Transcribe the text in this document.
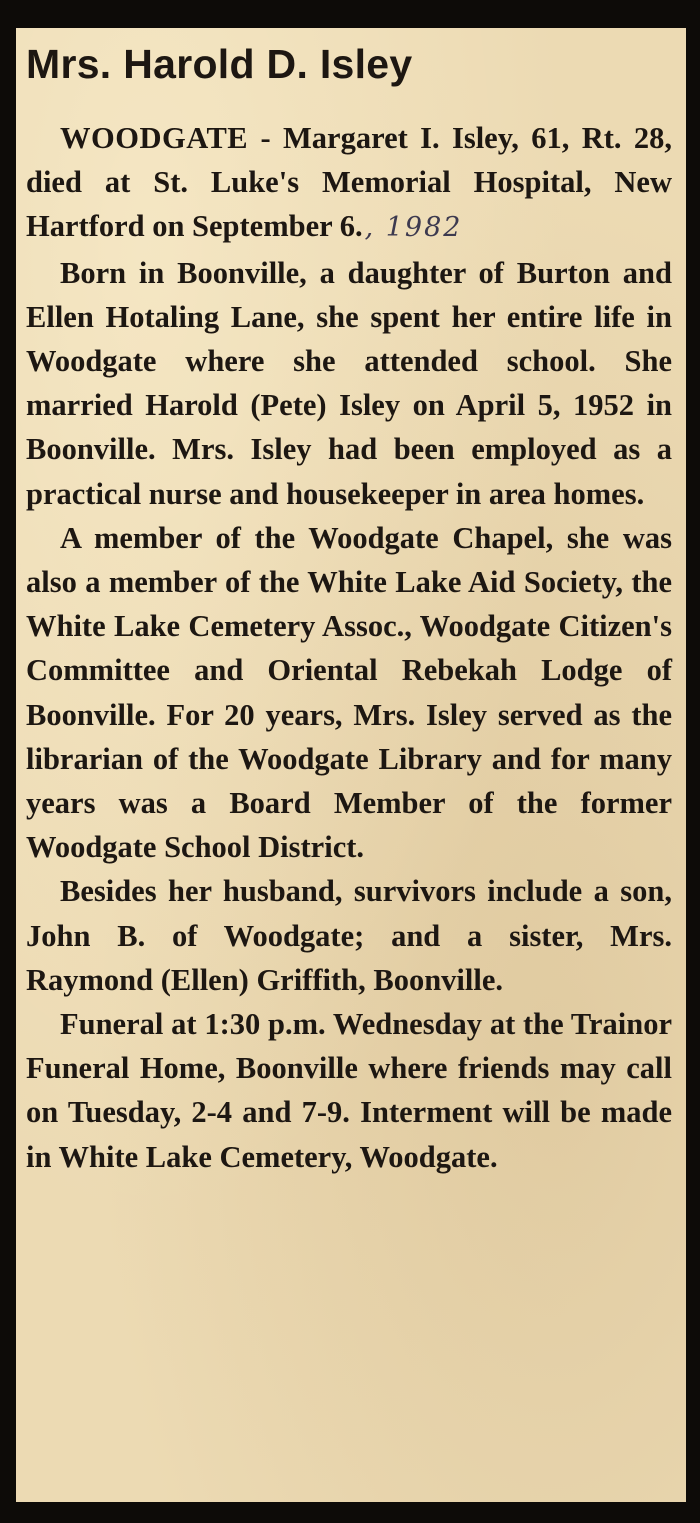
Mrs. Harold D. Isley

WOODGATE - Margaret I. Isley, 61, Rt. 28, died at St. Luke's Memorial Hospital, New Hartford on September 6., 1982

Born in Boonville, a daughter of Burton and Ellen Hotaling Lane, she spent her entire life in Woodgate where she attended school. She married Harold (Pete) Isley on April 5, 1952 in Boonville. Mrs. Isley had been employed as a practical nurse and housekeeper in area homes.

A member of the Woodgate Chapel, she was also a member of the White Lake Aid Society, the White Lake Cemetery Assoc., Woodgate Citizen's Committee and Oriental Rebekah Lodge of Boonville. For 20 years, Mrs. Isley served as the librarian of the Woodgate Library and for many years was a Board Member of the former Woodgate School District.

Besides her husband, survivors include a son, John B. of Woodgate; and a sister, Mrs. Raymond (Ellen) Griffith, Boonville.

Funeral at 1:30 p.m. Wednesday at the Trainor Funeral Home, Boonville where friends may call on Tuesday, 2-4 and 7-9. Interment will be made in White Lake Cemetery, Woodgate.
